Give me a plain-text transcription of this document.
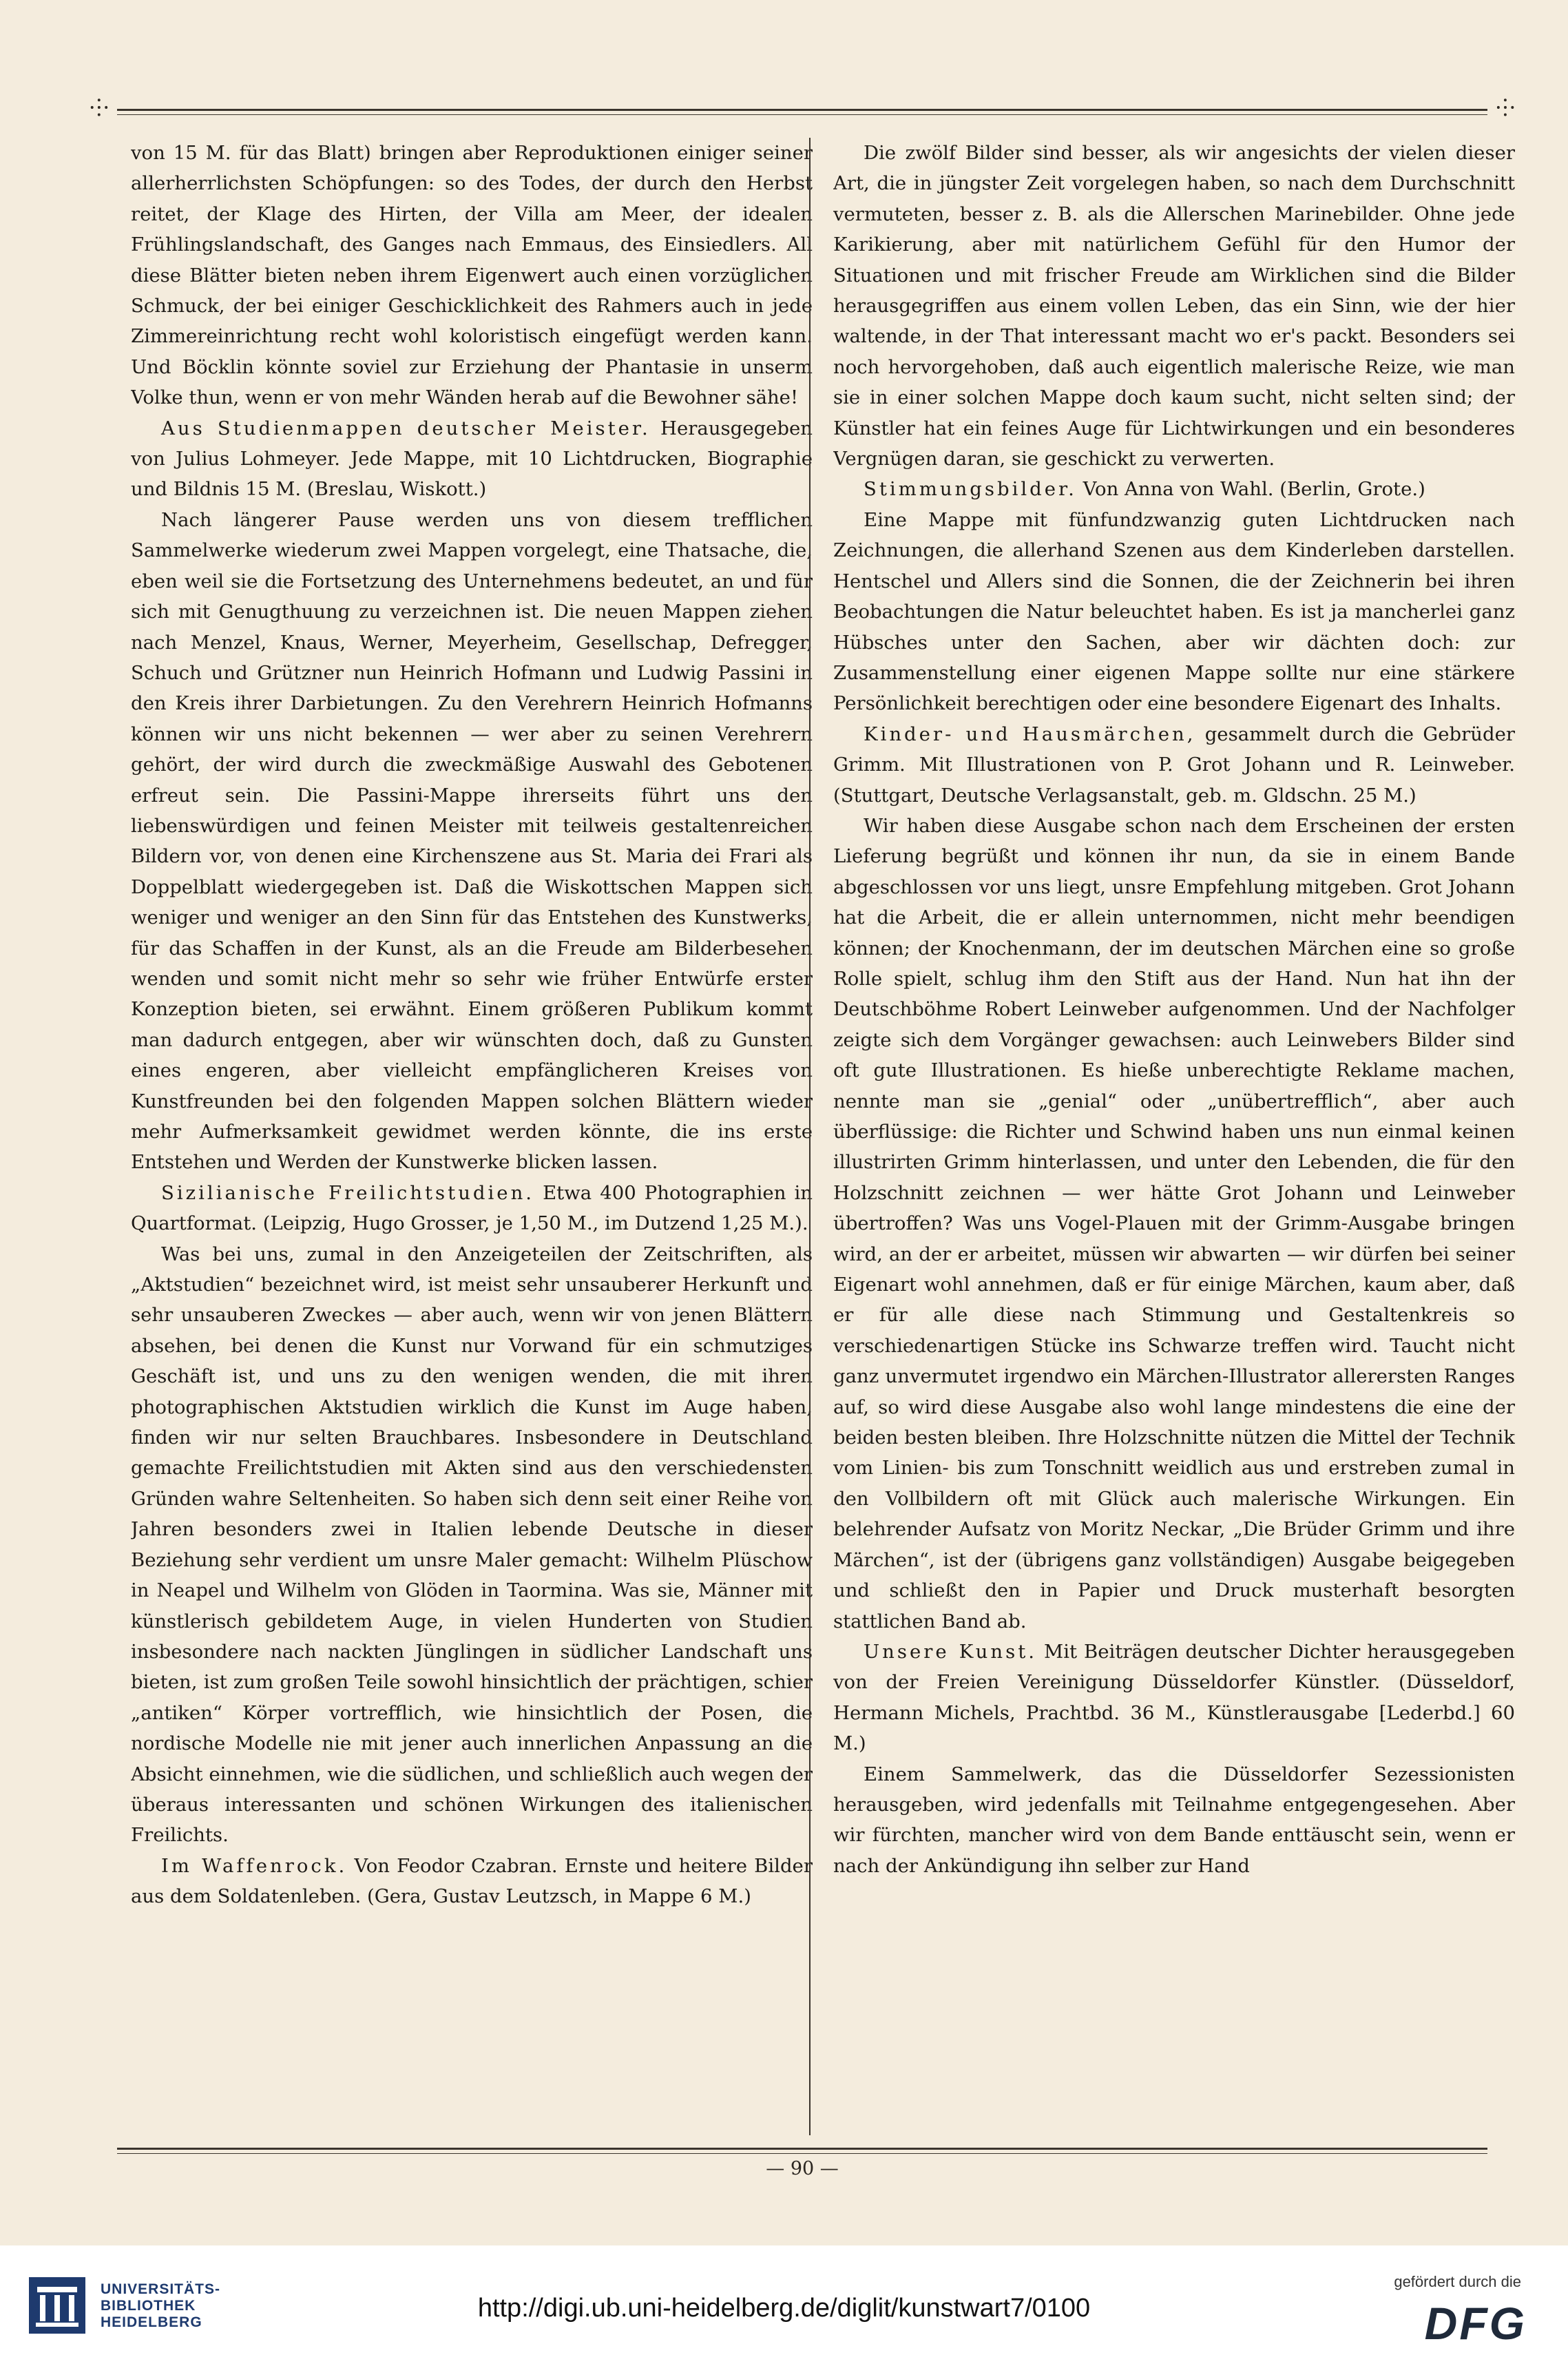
⸭	⸭

von 15 M. für das Blatt) bringen aber Reproduktionen einiger seiner allerherrlichsten Schöpfungen: so des Todes, der durch den Herbst reitet, der Klage des Hirten, der Villa am Meer, der idealen Frühlingslandschaft, des Ganges nach Emmaus, des Einsiedlers. All diese Blätter bieten neben ihrem Eigenwert auch einen vorzüglichen Schmuck, der bei einiger Geschicklichkeit des Rahmers auch in jede Zimmereinrichtung recht wohl koloristisch eingefügt werden kann. Und Böcklin könnte soviel zur Erziehung der Phantasie in unserm Volke thun, wenn er von mehr Wänden herab auf die Bewohner sähe!

Aus Studienmappen deutscher Meister. Herausgegeben von Julius Lohmeyer. Jede Mappe, mit 10 Lichtdrucken, Biographie und Bildnis 15 M. (Breslau, Wiskott.)

Nach längerer Pause werden uns von diesem trefflichen Sammelwerke wiederum zwei Mappen vorgelegt, eine Thatsache, die, eben weil sie die Fortsetzung des Unternehmens bedeutet, an und für sich mit Genugthuung zu verzeichnen ist. Die neuen Mappen ziehen nach Menzel, Knaus, Werner, Meyerheim, Gesellschap, Defregger, Schuch und Grützner nun Heinrich Hofmann und Ludwig Passini in den Kreis ihrer Darbietungen. Zu den Verehrern Heinrich Hofmanns können wir uns nicht bekennen — wer aber zu seinen Verehrern gehört, der wird durch die zweckmäßige Auswahl des Gebotenen erfreut sein. Die Passini-Mappe ihrerseits führt uns den liebenswürdigen und feinen Meister mit teilweis gestaltenreichen Bildern vor, von denen eine Kirchenszene aus St. Maria dei Frari als Doppelblatt wiedergegeben ist. Daß die Wiskottschen Mappen sich weniger und weniger an den Sinn für das Entstehen des Kunstwerks, für das Schaffen in der Kunst, als an die Freude am Bilderbesehen wenden und somit nicht mehr so sehr wie früher Entwürfe erster Konzeption bieten, sei erwähnt. Einem größeren Publikum kommt man dadurch entgegen, aber wir wünschten doch, daß zu Gunsten eines engeren, aber vielleicht empfänglicheren Kreises von Kunstfreunden bei den folgenden Mappen solchen Blättern wieder mehr Aufmerksamkeit gewidmet werden könnte, die ins erste Entstehen und Werden der Kunstwerke blicken lassen.

Sizilianische Freilichtstudien. Etwa 400 Photographien in Quartformat. (Leipzig, Hugo Grosser, je 1,50 M., im Dutzend 1,25 M.).

Was bei uns, zumal in den Anzeigeteilen der Zeitschriften, als „Aktstudien“ bezeichnet wird, ist meist sehr unsauberer Herkunft und sehr unsauberen Zweckes — aber auch, wenn wir von jenen Blättern absehen, bei denen die Kunst nur Vorwand für ein schmutziges Geschäft ist, und uns zu den wenigen wenden, die mit ihren photographischen Aktstudien wirklich die Kunst im Auge haben, finden wir nur selten Brauchbares. Insbesondere in Deutschland gemachte Freilichtstudien mit Akten sind aus den verschiedensten Gründen wahre Seltenheiten. So haben sich denn seit einer Reihe von Jahren besonders zwei in Italien lebende Deutsche in dieser Beziehung sehr verdient um unsre Maler gemacht: Wilhelm Plüschow in Neapel und Wilhelm von Glöden in Taormina. Was sie, Männer mit künstlerisch gebildetem Auge, in vielen Hunderten von Studien insbesondere nach nackten Jünglingen in südlicher Landschaft uns bieten, ist zum großen Teile sowohl hinsichtlich der prächtigen, schier „antiken“ Körper vortrefflich, wie hinsichtlich der Posen, die nordische Modelle nie mit jener auch innerlichen Anpassung an die Absicht einnehmen, wie die südlichen, und schließlich auch wegen der überaus interessanten und schönen Wirkungen des italienischen Freilichts.

Im Waffenrock. Von Feodor Czabran. Ernste und heitere Bilder aus dem Soldatenleben. (Gera, Gustav Leutzsch, in Mappe 6 M.)

Die zwölf Bilder sind besser, als wir angesichts der vielen dieser Art, die in jüngster Zeit vorgelegen haben, so nach dem Durchschnitt vermuteten, besser z. B. als die Allerschen Marinebilder. Ohne jede Karikierung, aber mit natürlichem Gefühl für den Humor der Situationen und mit frischer Freude am Wirklichen sind die Bilder herausgegriffen aus einem vollen Leben, das ein Sinn, wie der hier waltende, in der That interessant macht wo er's packt. Besonders sei noch hervorgehoben, daß auch eigentlich malerische Reize, wie man sie in einer solchen Mappe doch kaum sucht, nicht selten sind; der Künstler hat ein feines Auge für Lichtwirkungen und ein besonderes Vergnügen daran, sie geschickt zu verwerten.

Stimmungsbilder. Von Anna von Wahl. (Berlin, Grote.)

Eine Mappe mit fünfundzwanzig guten Lichtdrucken nach Zeichnungen, die allerhand Szenen aus dem Kinderleben darstellen. Hentschel und Allers sind die Sonnen, die der Zeichnerin bei ihren Beobachtungen die Natur beleuchtet haben. Es ist ja mancherlei ganz Hübsches unter den Sachen, aber wir dächten doch: zur Zusammenstellung einer eigenen Mappe sollte nur eine stärkere Persönlichkeit berechtigen oder eine besondere Eigenart des Inhalts.

Kinder- und Hausmärchen, gesammelt durch die Gebrüder Grimm. Mit Illustrationen von P. Grot Johann und R. Leinweber. (Stuttgart, Deutsche Verlagsanstalt, geb. m. Gldschn. 25 M.)

Wir haben diese Ausgabe schon nach dem Erscheinen der ersten Lieferung begrüßt und können ihr nun, da sie in einem Bande abgeschlossen vor uns liegt, unsre Empfehlung mitgeben. Grot Johann hat die Arbeit, die er allein unternommen, nicht mehr beendigen können; der Knochenmann, der im deutschen Märchen eine so große Rolle spielt, schlug ihm den Stift aus der Hand. Nun hat ihn der Deutschböhme Robert Leinweber aufgenommen. Und der Nachfolger zeigte sich dem Vorgänger gewachsen: auch Leinwebers Bilder sind oft gute Illustrationen. Es hieße unberechtigte Reklame machen, nennte man sie „genial“ oder „unübertrefflich“, aber auch überflüssige: die Richter und Schwind haben uns nun einmal keinen illustrirten Grimm hinterlassen, und unter den Lebenden, die für den Holzschnitt zeichnen — wer hätte Grot Johann und Leinweber übertroffen? Was uns Vogel-Plauen mit der Grimm-Ausgabe bringen wird, an der er arbeitet, müssen wir abwarten — wir dürfen bei seiner Eigenart wohl annehmen, daß er für einige Märchen, kaum aber, daß er für alle diese nach Stimmung und Gestaltenkreis so verschiedenartigen Stücke ins Schwarze treffen wird. Taucht nicht ganz unvermutet irgendwo ein Märchen-Illustrator allerersten Ranges auf, so wird diese Ausgabe also wohl lange mindestens die eine der beiden besten bleiben. Ihre Holzschnitte nützen die Mittel der Technik vom Linien- bis zum Tonschnitt weidlich aus und erstreben zumal in den Vollbildern oft mit Glück auch malerische Wirkungen. Ein belehrender Aufsatz von Moritz Neckar, „Die Brüder Grimm und ihre Märchen“, ist der (übrigens ganz vollständigen) Ausgabe beigegeben und schließt den in Papier und Druck musterhaft besorgten stattlichen Band ab.

Unsere Kunst. Mit Beiträgen deutscher Dichter herausgegeben von der Freien Vereinigung Düsseldorfer Künstler. (Düsseldorf, Hermann Michels, Prachtbd. 36 M., Künstlerausgabe [Lederbd.] 60 M.)

Einem Sammelwerk, das die Düsseldorfer Sezessionisten herausgeben, wird jedenfalls mit Teilnahme entgegengesehen. Aber wir fürchten, mancher wird von dem Bande enttäuscht sein, wenn er nach der Ankündigung ihn selber zur Hand

— 90 —
UNIVERSITÄTS-
BIBLIOTHEK
HEIDELBERG	http://digi.ub.uni-heidelberg.de/diglit/kunstwart7/0100
gefördert durch die
DFG
